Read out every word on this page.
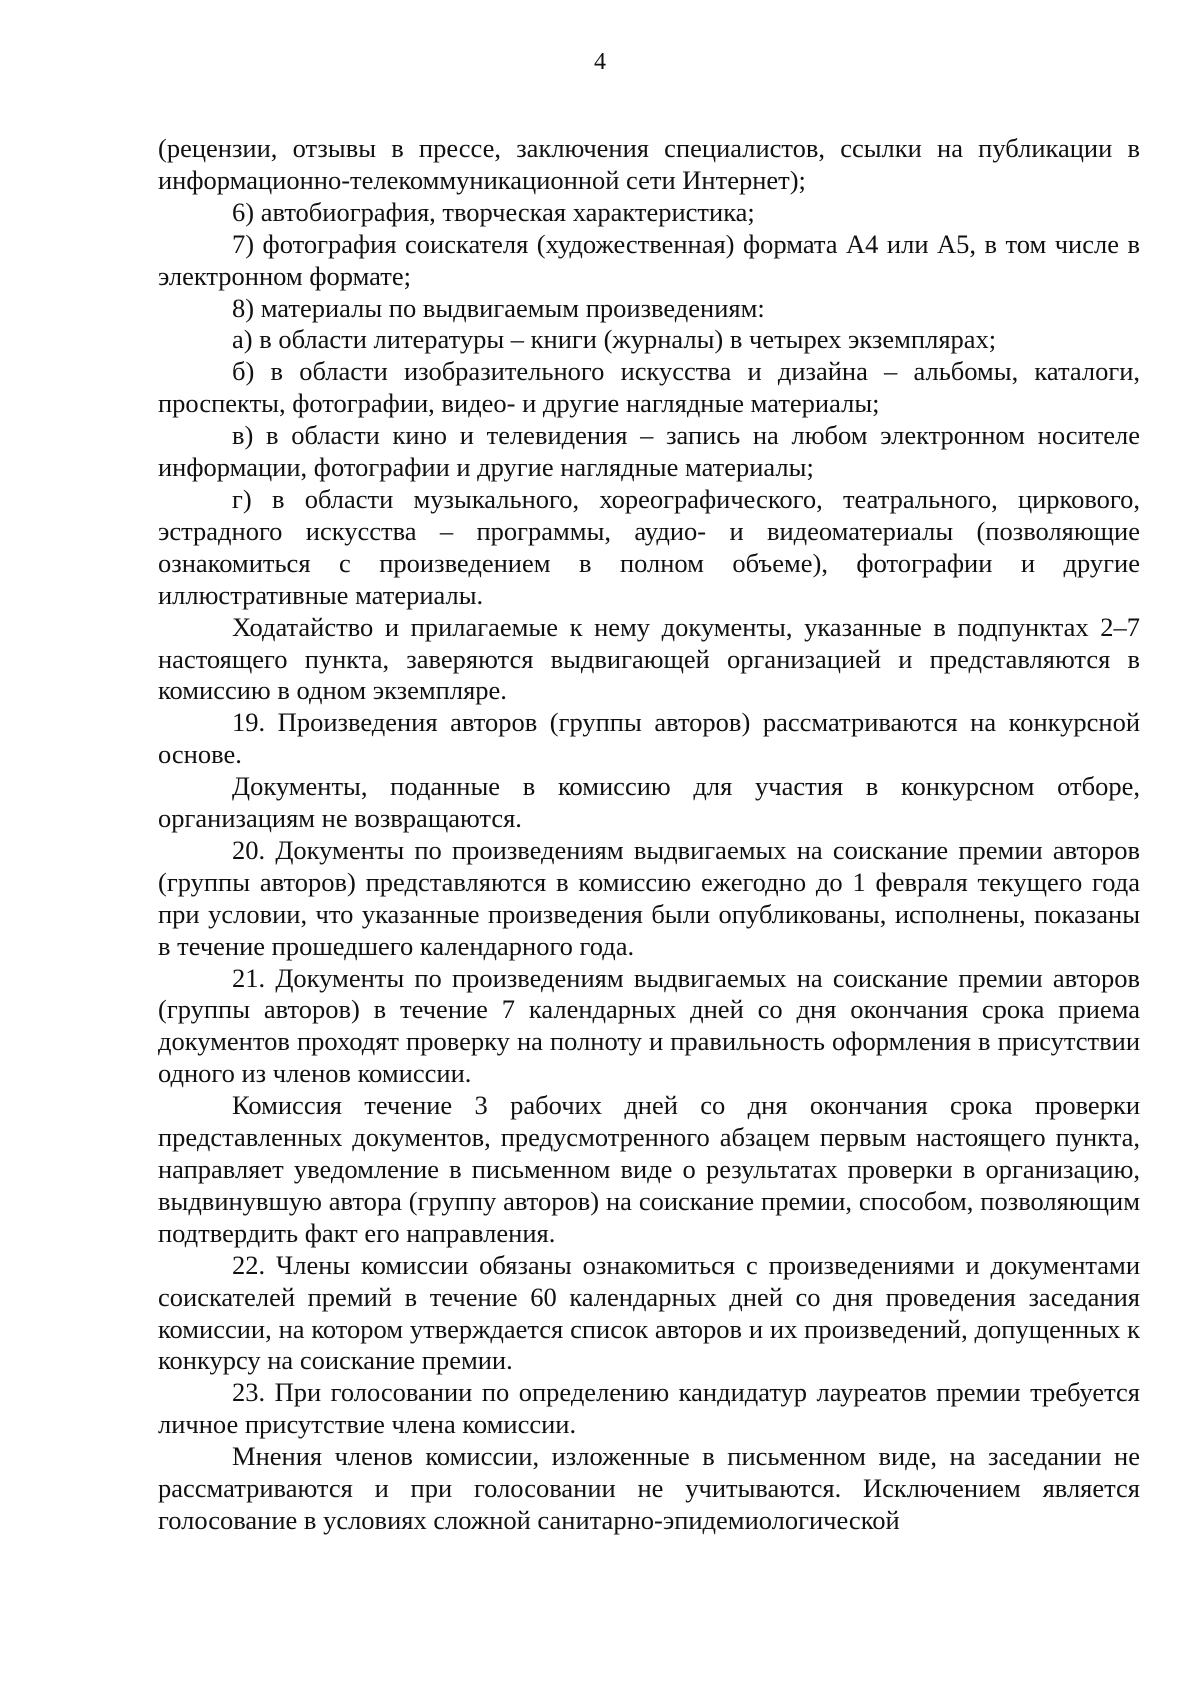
4

(рецензии, отзывы в прессе, заключения специалистов, ссылки на публикации в информационно-телекоммуникационной сети Интернет);

6) автобиография, творческая характеристика;

7) фотография соискателя (художественная) формата А4 или А5, в том числе в электронном формате;

8) материалы по выдвигаемым произведениям:

а) в области литературы – книги (журналы) в четырех экземплярах;

б) в области изобразительного искусства и дизайна – альбомы, каталоги, проспекты, фотографии, видео- и другие наглядные материалы;

в) в области кино и телевидения – запись на любом электронном носителе информации, фотографии и другие наглядные материалы;

г) в области музыкального, хореографического, театрального, циркового, эстрадного искусства – программы, аудио- и видеоматериалы (позволяющие ознакомиться с произведением в полном объеме), фотографии и другие иллюстративные материалы.

Ходатайство и прилагаемые к нему документы, указанные в подпунктах 2–7 настоящего пункта, заверяются выдвигающей организацией и представляются в комиссию в одном экземпляре.

19. Произведения авторов (группы авторов) рассматриваются на конкурсной основе.

Документы, поданные в комиссию для участия в конкурсном отборе, организациям не возвращаются.

20. Документы по произведениям выдвигаемых на соискание премии авторов (группы авторов) представляются в комиссию ежегодно до 1 февраля текущего года при условии, что указанные произведения были опубликованы, исполнены, показаны в течение прошедшего календарного года.

21. Документы по произведениям выдвигаемых на соискание премии авторов (группы авторов) в течение 7 календарных дней со дня окончания срока приема документов проходят проверку на полноту и правильность оформления в присутствии одного из членов комиссии.

Комиссия течение 3 рабочих дней со дня окончания срока проверки представленных документов, предусмотренного абзацем первым настоящего пункта, направляет уведомление в письменном виде о результатах проверки в организацию, выдвинувшую автора (группу авторов) на соискание премии, способом, позволяющим подтвердить факт его направления.

22. Члены комиссии обязаны ознакомиться с произведениями и документами соискателей премий в течение 60 календарных дней со дня проведения заседания комиссии, на котором утверждается список авторов и их произведений, допущенных к конкурсу на соискание премии.

23. При голосовании по определению кандидатур лауреатов премии требуется личное присутствие члена комиссии.

Мнения членов комиссии, изложенные в письменном виде, на заседании не рассматриваются и при голосовании не учитываются. Исключением является голосование в условиях сложной санитарно-эпидемиологической
